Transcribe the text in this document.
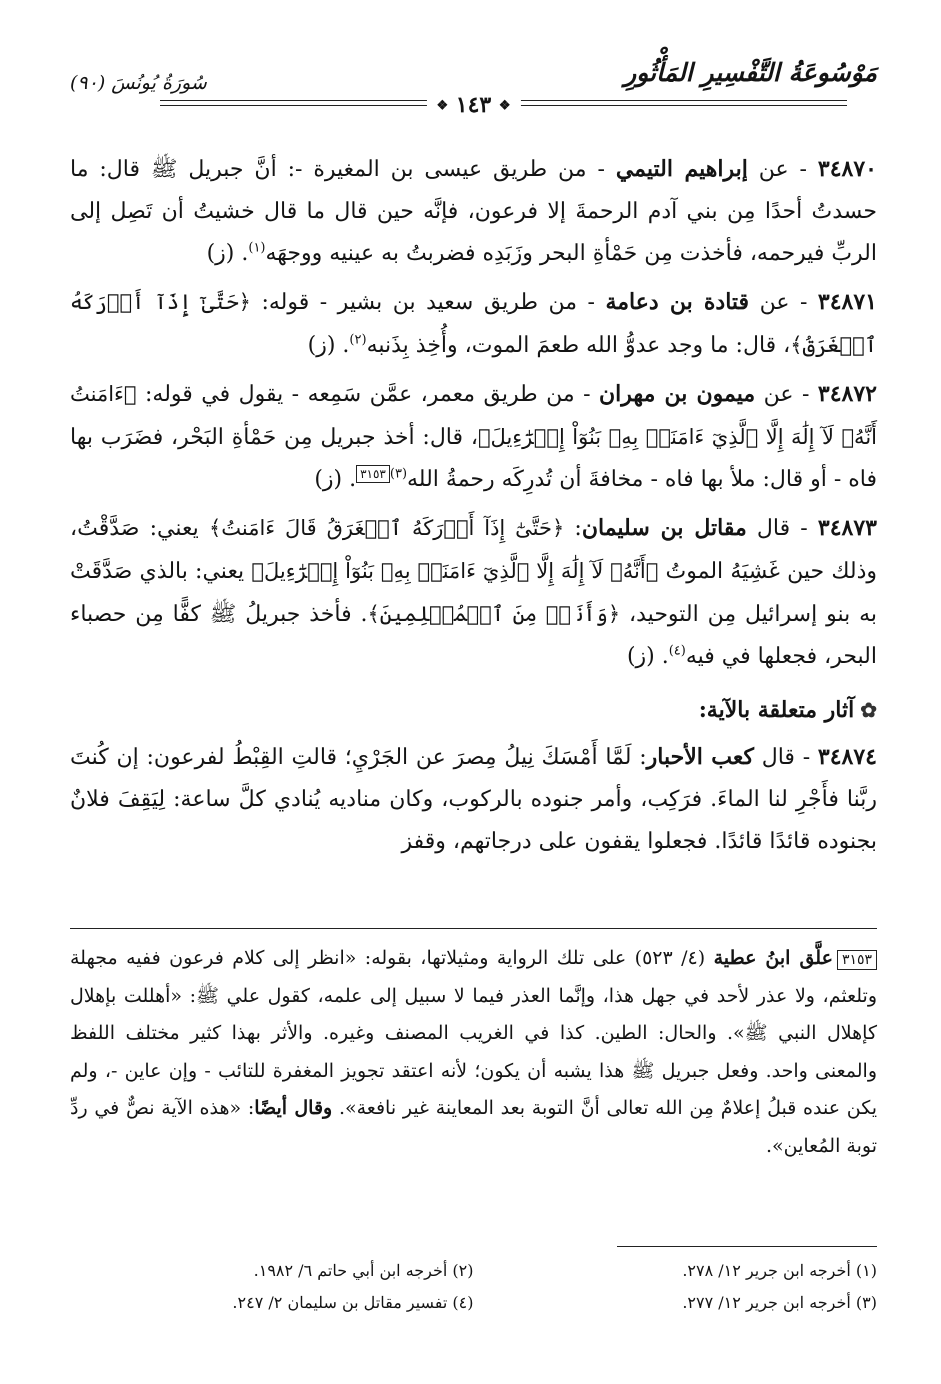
مَوْسُوعَةُ التَّفْسِيرِ المَأْثُورِ
سُورَةُ يُونُسَ (٩٠)
❖ ١٤٣ ❖

٣٤٨٧٠ - عن إبراهيم التيمي - من طريق عيسى بن المغيرة -: أنَّ جبريل ﷺ قال: ما حسدتُ أحدًا مِن بني آدم الرحمةَ إلا فرعون، فإنَّه حين قال ما قال خشيتُ أن تَصِل إلى الربِّ فيرحمه، فأخذت مِن حَمْأةِ البحر وزَبَدِه فضربتُ به عينيه ووجهَه$^{(١)}$. (ز)

٣٤٨٧١ - عن قتادة بن دعامة - من طريق سعيد بن بشير - قوله: ﴿حَتَّىٰٓ إِذَآ أَدۡرَكَهُ ٱلۡغَرَقُ﴾، قال: ما وجد عدوُّ الله طعمَ الموت، وأُخِذ بِذَنبه$^{(٢)}$. (ز)

٣٤٨٧٢ - عن ميمون بن مهران - من طريق معمر، عمَّن سَمِعه - يقول في قوله: ﴿ءَامَنتُ أَنَّهُۥ لَآ إِلَٰهَ إِلَّا ٱلَّذِيٓ ءَامَنَتۡ بِهِۦ بَنُوٓاْ إِسۡرَٰٓءِيلَ﴾، قال: أخذ جبريل مِن حَمْأةِ البَحْر، فضَرَب بها فاه - أو قال: ملأ بها فاه - مخافةَ أن تُدرِكَه رحمةُ الله$^{(٣)}$٣١٥٣. (ز)

٣٤٨٧٣ - قال مقاتل بن سليمان: ﴿حَتَّىٰٓ إِذَآ أَدۡرَكَهُ ٱلۡغَرَقُ قَالَ ءَامَنتُ﴾ يعني: صَدَّقْتُ، وذلك حين غَشِيَهُ الموتُ ﴿أَنَّهُۥ لَآ إِلَٰهَ إِلَّا ٱلَّذِيٓ ءَامَنَتۡ بِهِۦ بَنُوٓاْ إِسۡرَٰٓءِيلَ﴾ يعني: بالذي صَدَّقَتْ به بنو إسرائيل مِن التوحيد، ﴿وَأَنَا۠ مِنَ ٱلۡمُسۡلِمِينَ﴾. فأخذ جبريلُ ﷺ كفًّا مِن حصباء البحر، فجعلها في فيه$^{(٤)}$. (ز)

✿آثار متعلقة بالآية:

٣٤٨٧٤ - قال كعب الأحبار: لَمَّا أَمْسَكَ نِيلُ مِصرَ عن الجَرْيِ؛ قالتِ القِبْطُ لفرعون: إن كُنتَ ربَّنا فأَجْرِ لنا الماءَ. فرَكِب، وأمر جنوده بالركوب، وكان مناديه يُنادي كلَّ ساعة: لِيَقِفَ فلانٌ بجنوده قائدًا قائدًا. فجعلوا يقفون على درجاتهم، وقفز

٣١٥٣علَّق ابنُ عطية (٤/ ٥٢٣) على تلك الرواية ومثيلاتها، بقوله: «انظر إلى كلام فرعون ففيه مجهلة وتلعثم، ولا عذر لأحد في جهل هذا، وإنَّما العذر فيما لا سبيل إلى علمه، كقول علي ﷺ: «أهللت بإهلال كإهلال النبي ﷺ». والحال: الطين. كذا في الغريب المصنف وغيره. والأثر بهذا كثير مختلف اللفظ والمعنى واحد. وفعل جبريل ﷺ هذا يشبه أن يكون؛ لأنه اعتقد تجويز المغفرة للتائب - وإن عاين -، ولم يكن عنده قبلُ إعلامٌ مِن الله تعالى أنَّ التوبة بعد المعاينة غير نافعة». وقال أيضًا: «هذه الآية نصٌّ في ردِّ توبة المُعاين».

(١) أخرجه ابن جرير ١٢/ ٢٧٨.
(٢) أخرجه ابن أبي حاتم ٦/ ١٩٨٢.
(٣) أخرجه ابن جرير ١٢/ ٢٧٧.
(٤) تفسير مقاتل بن سليمان ٢/ ٢٤٧.
